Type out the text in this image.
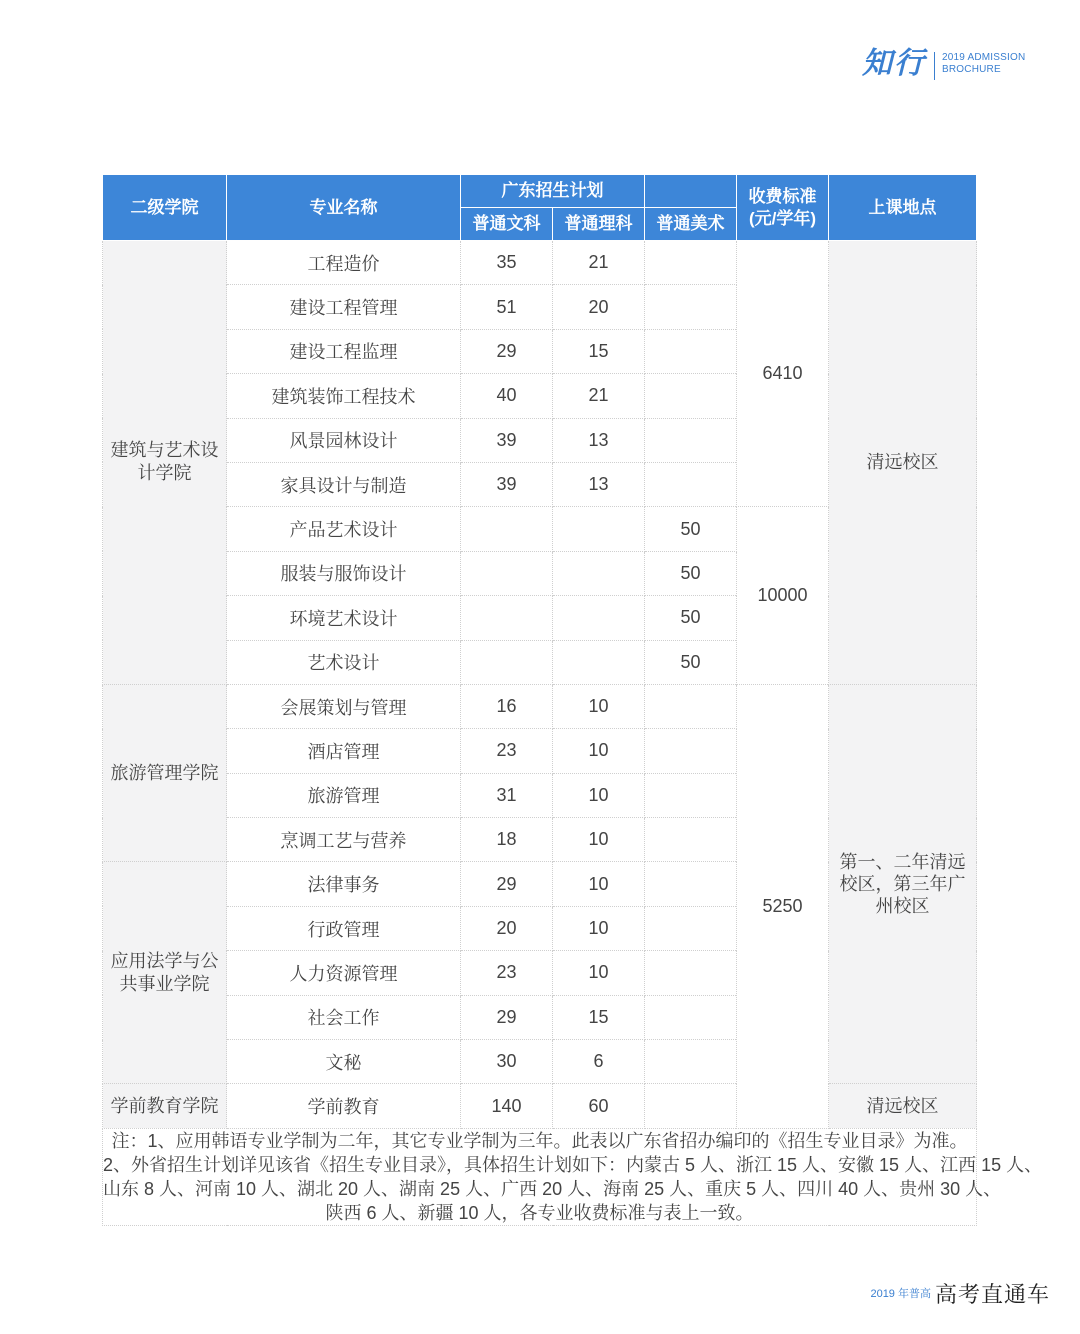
知行 2019 ADMISSION
BROCHURE
二级学院	专业名称	广东招生计划			收费标准(元/学年)	上课地点
		普通文科	普通理科	普通美术		
建筑与艺术设计学院	工程造价	35	21		6410	清远校区
	建设工程管理	51	20			
	建设工程监理	29	15			
	建筑装饰工程技术	40	21			
	风景园林设计	39	13			
	家具设计与制造	39	13			
	产品艺术设计			50	10000	
	服装与服饰设计			50		
	环境艺术设计			50		
	艺术设计			50		
旅游管理学院	会展策划与管理	16	10		5250	第一、二年清远校区，第三年广州校区
	酒店管理	23	10			
	旅游管理	31	10			
	烹调工艺与营养	18	10			
应用法学与公共事业学院	法律事务	29	10			
	行政管理	20	10			
	人力资源管理	23	10			
	社会工作	29	15			
	文秘	30	6			
学前教育学院	学前教育	140	60			清远校区

注：1、应用韩语专业学制为二年，其它专业学制为三年。此表以广东省招办编印的《招生专业目录》为准。
2、外省招生计划详见该省《招生专业目录》，具体招生计划如下：内蒙古 5 人、浙江 15 人、安徽 15 人、江西 15 人、
山东 8 人、河南 10 人、湖北 20 人、湖南 25 人、广西 20 人、海南 25 人、重庆 5 人、四川 40 人、贵州 30 人、
陕西 6 人、新疆 10 人，各专业收费标准与表上一致。						
2019 年普高 高考直通车
